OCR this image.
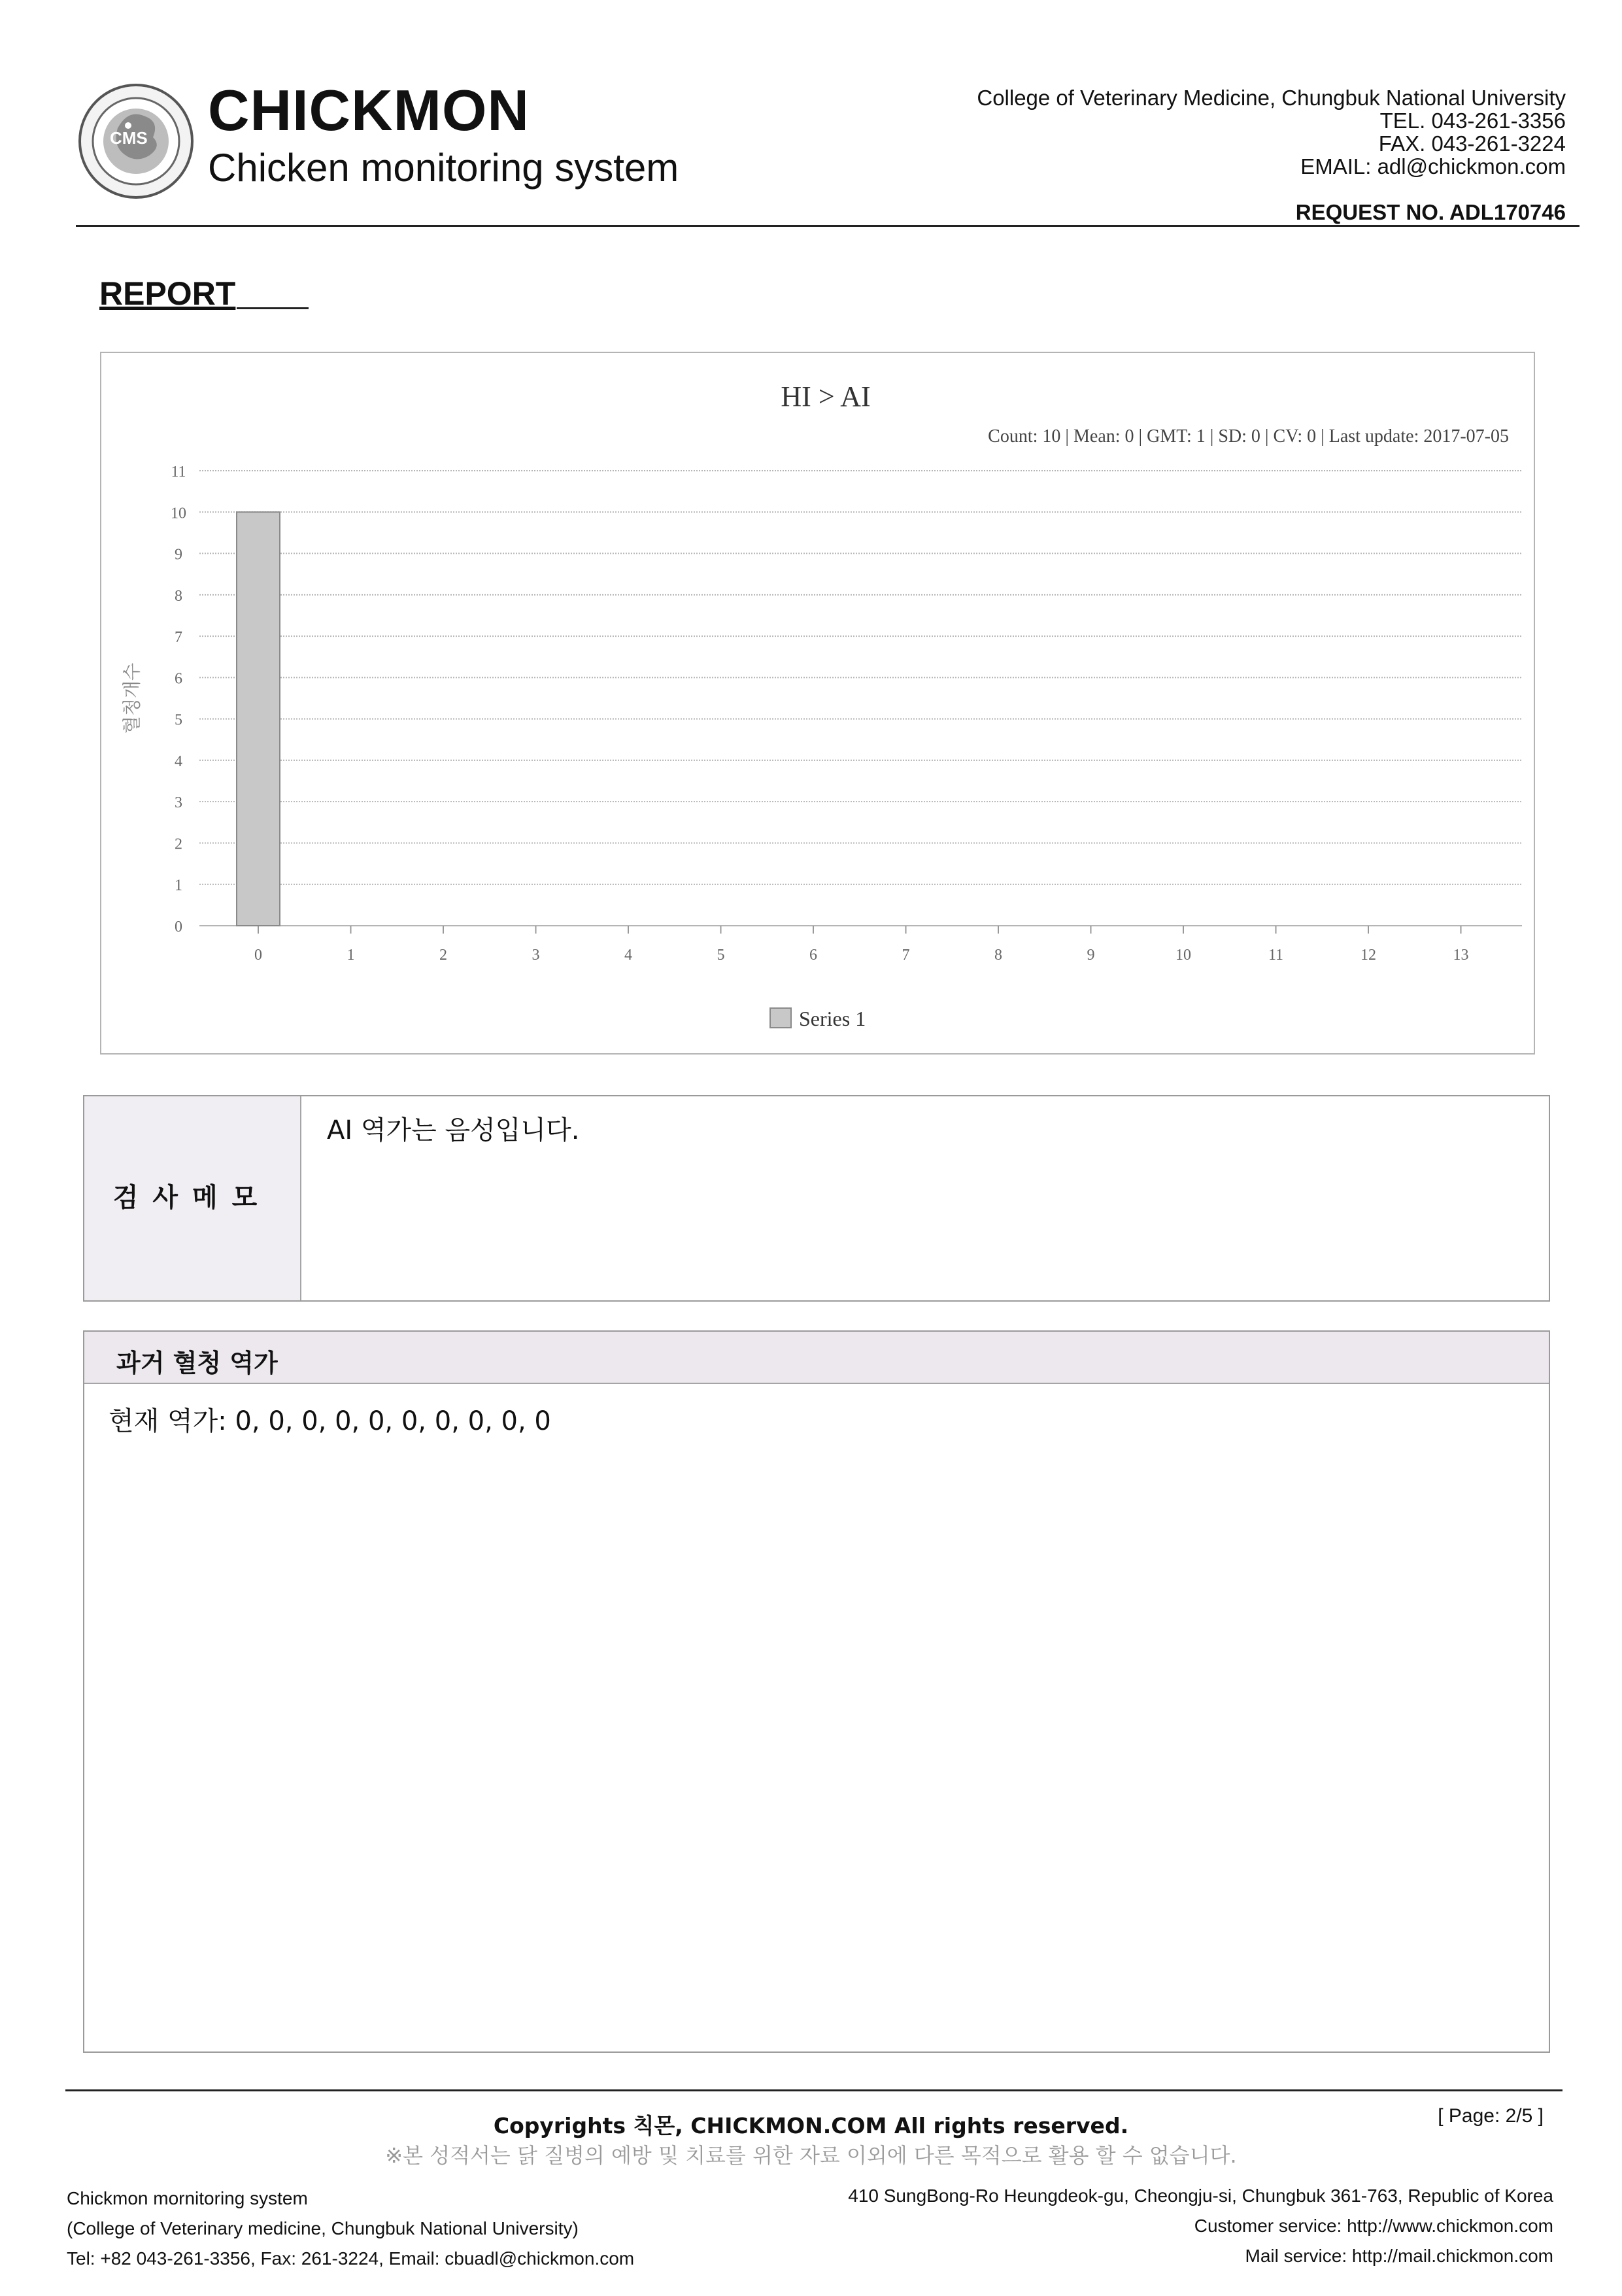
CMS CHICKMON
Chicken monitoring system
College of Veterinary Medicine, Chungbuk National University
TEL. 043-261-3356
FAX. 043-261-3224
EMAIL: adl@chickmon.com
REQUEST NO. ADL170746
REPORT
HI > AI
Count: 10 | Mean: 0 | GMT: 1 | SD: 0 | CV: 0 | Last update: 2017-07-05
0
1
2
3
4
5
6
7
8
9
10
11
0	1	2	3	4	5	6	7	8	9	10	11	12	13
혈청개수
Series 1
검사메모
AI 역가는 음성입니다.
과거 혈청 역가
현재 역가: 0, 0, 0, 0, 0, 0, 0, 0, 0, 0
Copyrights 칙몬, CHICKMON.COM All rights reserved.	[ Page: 2/5 ]
※본 성적서는 닭 질병의 예방 및 치료를 위한 자료 이외에 다른 목적으로 활용 할 수 없습니다.
Chickmon mornitoring system
(College of Veterinary medicine, Chungbuk National University)
Tel: +82 043-261-3356, Fax: 261-3224, Email: cbuadl@chickmon.com
410 SungBong-Ro Heungdeok-gu, Cheongju-si, Chungbuk 361-763, Republic of Korea
Customer service: http://www.chickmon.com
Mail service: http://mail.chickmon.com
